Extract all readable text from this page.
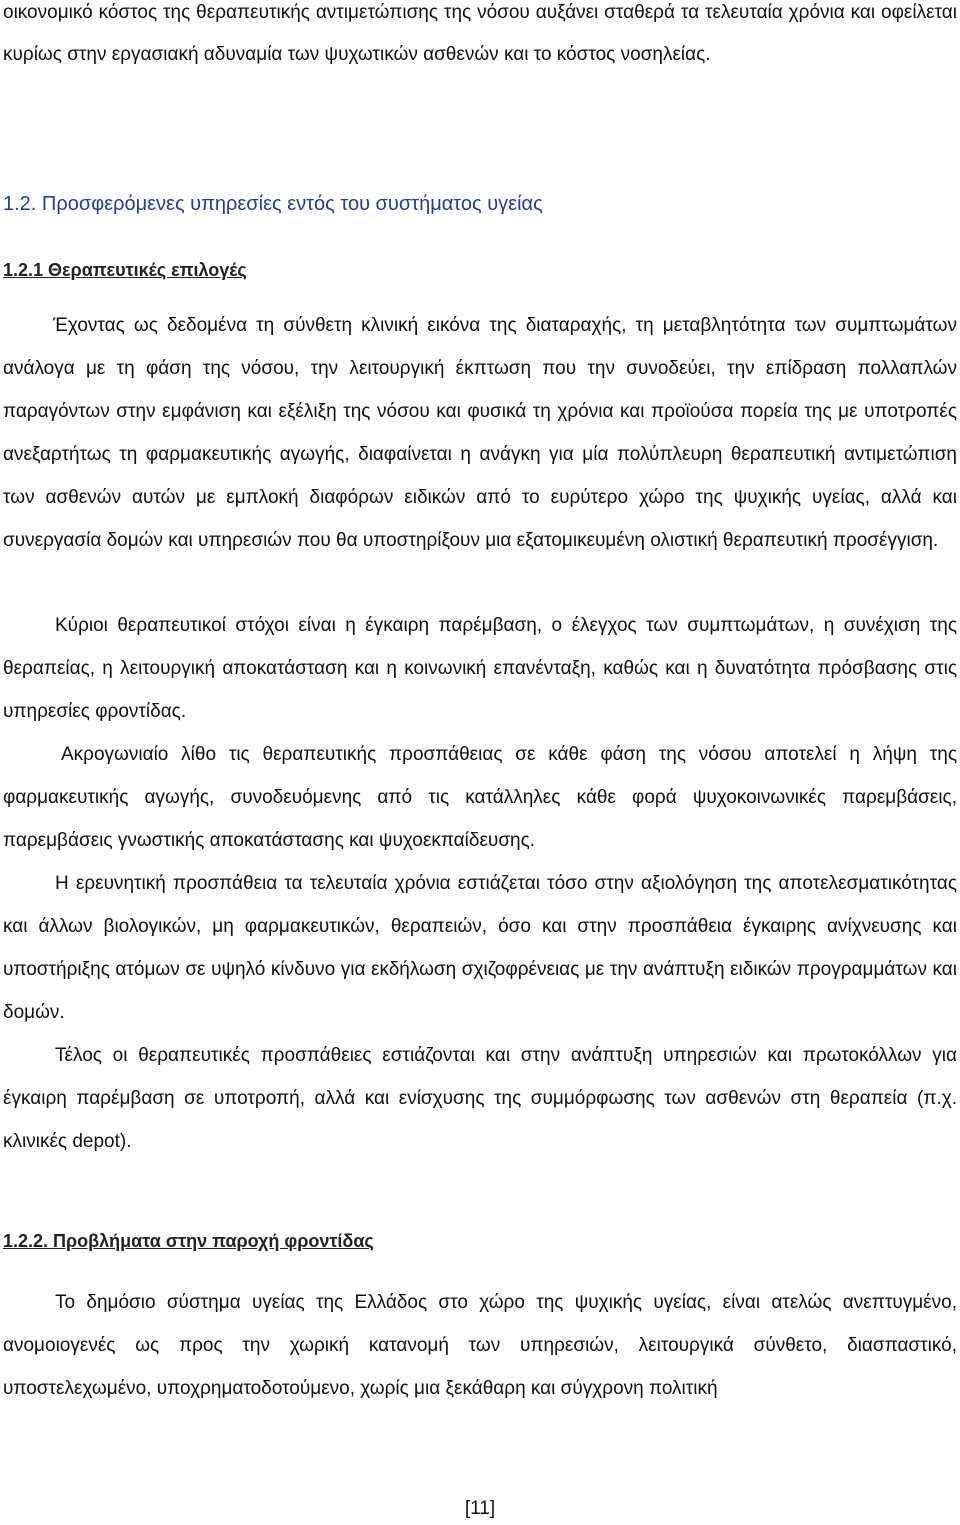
οικονομικό κόστος της θεραπευτικής αντιμετώπισης της νόσου αυξάνει σταθερά τα τελευταία χρόνια και οφείλεται κυρίως στην εργασιακή αδυναμία των ψυχωτικών ασθενών και το κόστος νοσηλείας.

1.2. Προσφερόμενες υπηρεσίες εντός του συστήματος υγείας
1.2.1 Θεραπευτικές επιλογές

Έχοντας ως δεδομένα τη σύνθετη κλινική εικόνα της διαταραχής, τη μεταβλητότητα των συμπτωμάτων ανάλογα με τη φάση της νόσου, την λειτουργική έκπτωση που την συνοδεύει, την επίδραση πολλαπλών παραγόντων στην εμφάνιση και εξέλιξη της νόσου και φυσικά τη χρόνια και προϊούσα πορεία της με υποτροπές ανεξαρτήτως τη φαρμακευτικής αγωγής, διαφαίνεται η ανάγκη για μία πολύπλευρη θεραπευτική αντιμετώπιση των ασθενών αυτών με εμπλοκή διαφόρων ειδικών από το ευρύτερο χώρο της ψυχικής υγείας, αλλά και συνεργασία δομών και υπηρεσιών που θα υποστηρίξουν μια εξατομικευμένη ολιστική θεραπευτική προσέγγιση.

Κύριοι θεραπευτικοί στόχοι είναι η έγκαιρη παρέμβαση, ο έλεγχος των συμπτωμάτων, η συνέχιση της θεραπείας, η λειτουργική αποκατάσταση και η κοινωνική επανένταξη, καθώς και η δυνατότητα πρόσβασης στις υπηρεσίες φροντίδας.

Ακρογωνιαίο λίθο τις θεραπευτικής προσπάθειας σε κάθε φάση της νόσου αποτελεί η λήψη της φαρμακευτικής αγωγής, συνοδευόμενης από τις κατάλληλες κάθε φορά ψυχοκοινωνικές παρεμβάσεις, παρεμβάσεις γνωστικής αποκατάστασης και ψυχοεκπαίδευσης.

Η ερευνητική προσπάθεια τα τελευταία χρόνια εστιάζεται τόσο στην αξιολόγηση της αποτελεσματικότητας και άλλων βιολογικών, μη φαρμακευτικών, θεραπειών, όσο και στην προσπάθεια έγκαιρης ανίχνευσης και υποστήριξης ατόμων σε υψηλό κίνδυνο για εκδήλωση σχιζοφρένειας με την ανάπτυξη ειδικών προγραμμάτων και δομών.

Τέλος οι θεραπευτικές προσπάθειες εστιάζονται και στην ανάπτυξη υπηρεσιών και πρωτοκόλλων για έγκαιρη παρέμβαση σε υποτροπή, αλλά και ενίσχυσης της συμμόρφωσης των ασθενών στη θεραπεία (π.χ. κλινικές depot).

1.2.2. Προβλήματα στην παροχή φροντίδας

Το δημόσιο σύστημα υγείας της Ελλάδος στο χώρο της ψυχικής υγείας, είναι ατελώς ανεπτυγμένο, ανομοιογενές ως προς την χωρική κατανομή των υπηρεσιών, λειτουργικά σύνθετο, διασπαστικό, υποστελεχωμένο, υποχρηματοδοτούμενο, χωρίς μια ξεκάθαρη και σύγχρονη πολιτική

[11]
